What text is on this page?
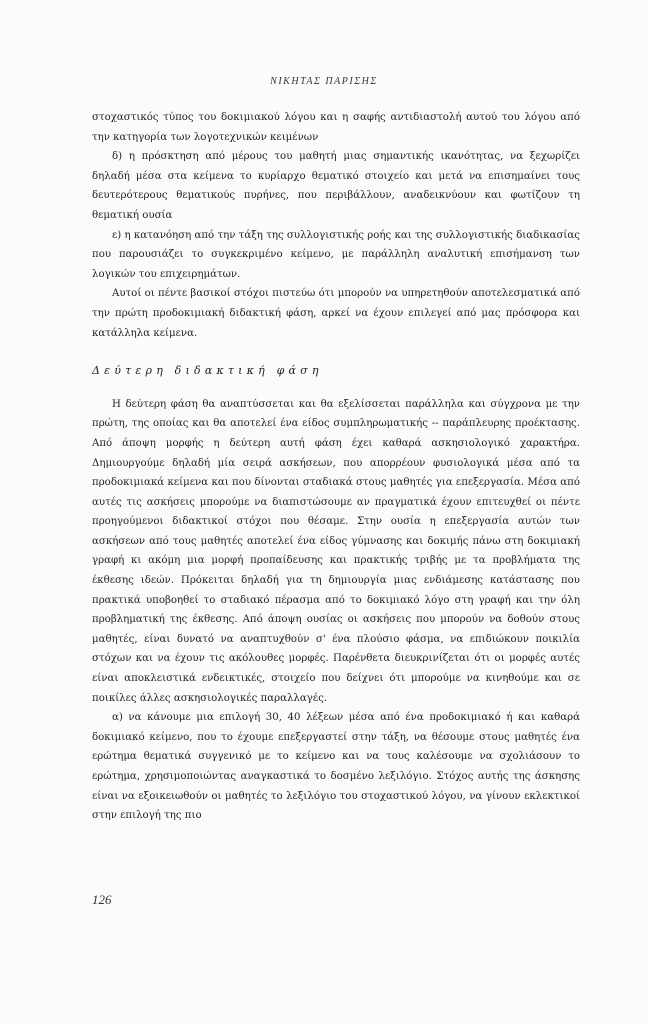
ΝΙΚΗΤΑΣ ΠΑΡΙΣΗΣ

στοχαστικός τύπος του δοκιμιακού λόγου και η σαφής αντιδιαστολή αυτού του λόγου από την κατηγορία των λογοτεχνικών κειμένων

δ) η πρόσκτηση από μέρους του μαθητή μιας σημαντικής ικανότητας, να ξεχωρίζει δηλαδή μέσα στα κείμενα το κυρίαρχο θεματικό στοιχείο και μετά να επισημαίνει τους δευτερότερους θεματικούς πυρήνες, που περιβάλλουν, αναδεικνύουν και φωτίζουν τη θεματική ουσία

ε) η κατανόηση από την τάξη της συλλογιστικής ροής και της συλλογιστικής διαδικασίας που παρουσιάζει το συγκεκριμένο κείμενο, με παράλληλη αναλυτική επισήμανση των λογικών του επιχειρημάτων.

Αυτοί οι πέντε βασικοί στόχοι πιστεύω ότι μπορούν να υπηρετηθούν αποτελεσματικά από την πρώτη προδοκιμιακή διδακτική φάση, αρκεί να έχουν επιλεγεί από μας πρόσφορα και κατάλληλα κείμενα.

Δεύτερη διδακτική φάση

Η δεύτερη φάση θα αναπτύσσεται και θα εξελίσσεται παράλληλα και σύγχρονα με την πρώτη, της οποίας και θα αποτελεί ένα είδος συμπληρωματικής -- παράπλευρης προέκτασης. Από άποψη μορφής η δεύτερη αυτή φάση έχει καθαρά ασκησιολογικό χαρακτήρα. Δημιουργούμε δηλαδή μία σειρά ασκήσεων, που απορρέουν φυσιολογικά μέσα από τα προδοκιμιακά κείμενα και που δίνονται σταδιακά στους μαθητές για επεξεργασία. Μέσα από αυτές τις ασκήσεις μπορούμε να διαπιστώσουμε αν πραγματικά έχουν επιτευχθεί οι πέντε προηγούμενοι διδακτικοί στόχοι που θέσαμε. Στην ουσία η επεξεργασία αυτών των ασκήσεων από τους μαθητές αποτελεί ένα είδος γύμνασης και δοκιμής πάνω στη δοκιμιακή γραφή κι ακόμη μια μορφή προπαίδευσης και πρακτικής τριβής με τα προβλήματα της έκθεσης ιδεών. Πρόκειται δηλαδή για τη δημιουργία μιας ενδιάμεσης κατάστασης που πρακτικά υποβοηθεί το σταδιακό πέρασμα από το δοκιμιακό λόγο στη γραφή και την όλη προβληματική της έκθεσης. Από άποψη ουσίας οι ασκήσεις που μπορούν να δοθούν στους μαθητές, είναι δυνατό να αναπτυχθούν σ' ένα πλούσιο φάσμα, να επιδιώκουν ποικιλία στόχων και να έχουν τις ακόλουθες μορφές. Παρένθετα διευκρινίζεται ότι οι μορφές αυτές είναι αποκλειστικά ενδεικτικές, στοιχείο που δείχνει ότι μπορούμε να κινηθούμε και σε ποικίλες άλλες ασκησιολογικές παραλλαγές.

α) να κάνουμε μια επιλογή 30, 40 λέξεων μέσα από ένα προδοκιμιακό ή και καθαρά δοκιμιακό κείμενο, που το έχουμε επεξεργαστεί στην τάξη, να θέσουμε στους μαθητές ένα ερώτημα θεματικά συγγενικό με το κείμενο και να τους καλέσουμε να σχολιάσουν το ερώτημα, χρησιμοποιώντας αναγκαστικά το δοσμένο λεξιλόγιο. Στόχος αυτής της άσκησης είναι να εξοικειωθούν οι μαθητές το λεξιλόγιο του στοχαστικού λόγου, να γίνουν εκλεκτικοί στην επιλογή της πιο

126
